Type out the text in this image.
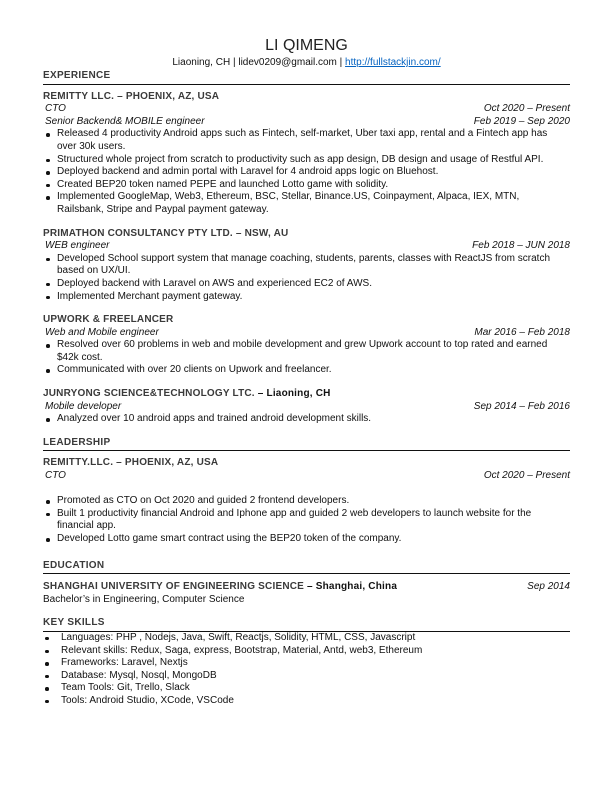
LI QIMENG
Liaoning, CH | lidev0209@gmail.com | http://fullstackjin.com/
EXPERIENCE
REMITTY LLC. – PHOENIX, AZ, USA
CTO	Oct 2020 – Present
Senior Backend& MOBILE engineer	Feb 2019 – Sep 2020
Released 4 productivity Android apps such as Fintech, self-market, Uber taxi app, rental and a Fintech app has over 30k users.
Structured whole project from scratch to productivity such as app design, DB design and usage of Restful API.
Deployed backend and admin portal with Laravel for 4 android apps logic on Bluehost.
Created BEP20 token named PEPE and launched Lotto game with solidity.
Implemented GoogleMap, Web3, Ethereum, BSC, Stellar, Binance.US, Coinpayment, Alpaca, IEX, MTN, Railsbank, Stripe and Paypal payment gateway.
PRIMATHON CONSULTANCY PTY LTD. – NSW, AU
WEB engineer	Feb 2018 – JUN 2018
Developed School support system that manage coaching, students, parents, classes with ReactJS from scratch based on UX/UI.
Deployed backend with Laravel on AWS and experienced EC2 of AWS.
Implemented Merchant payment gateway.
UPWORK & FREELANCER
Web and Mobile engineer	Mar 2016 – Feb 2018
Resolved over 60 problems in web and mobile development and grew Upwork account to top rated and earned $42k cost.
Communicated with over 20 clients on Upwork and freelancer.
JUNRYONG SCIENCE&TECHNOLOGY LTC. – Liaoning, CH
Mobile developer	Sep 2014 – Feb 2016
Analyzed over 10 android apps and trained android development skills.
LEADERSHIP
REMITTY.LLC. – PHOENIX, AZ, USA
CTO	Oct 2020 – Present
Promoted as CTO on Oct 2020 and guided 2 frontend developers.
Built 1 productivity financial Android and Iphone app and guided 2 web developers to launch website for the financial app.
Developed Lotto game smart contract using the BEP20 token of the company.
EDUCATION
SHANGHAI UNIVERSITY OF ENGINEERING SCIENCE – Shanghai, China	Sep 2014
Bachelor’s in Engineering, Computer Science
KEY SKILLS
Languages: PHP , Nodejs, Java, Swift, Reactjs, Solidity, HTML, CSS, Javascript
Relevant skills: Redux, Saga, express, Bootstrap, Material, Antd, web3, Ethereum
Frameworks: Laravel, Nextjs
Database: Mysql, Nosql, MongoDB
Team Tools: Git, Trello, Slack
Tools: Android Studio, XCode, VSCode
